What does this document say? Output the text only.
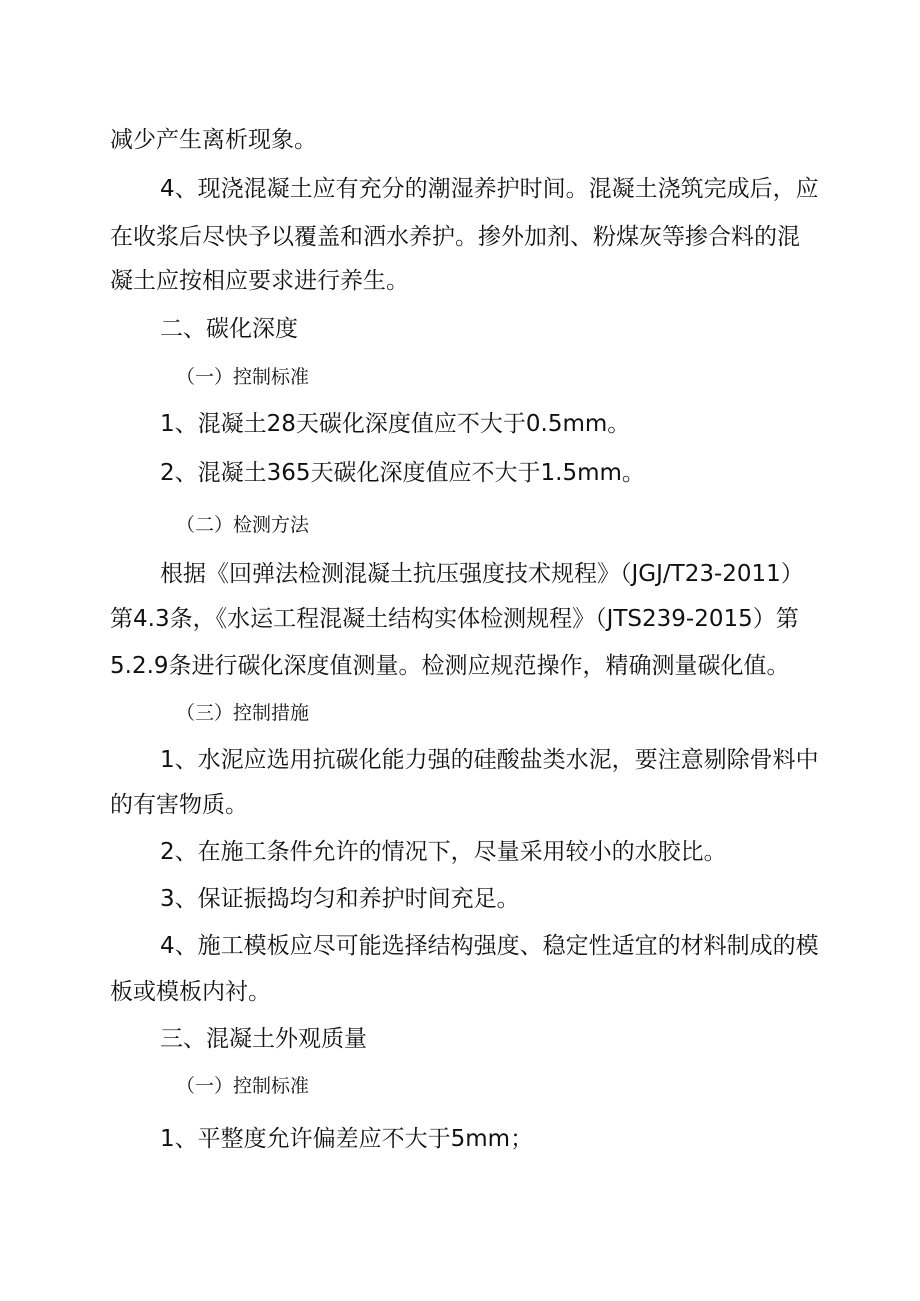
减少产生离析现象。
4、现浇混凝土应有充分的潮湿养护时间。混凝土浇筑完成后，应
在收浆后尽快予以覆盖和洒水养护。掺外加剂、粉煤灰等掺合料的混
凝土应按相应要求进行养生。
二、碳化深度
（一）控制标准
1、混凝土28天碳化深度值应不大于0.5mm。
2、混凝土365天碳化深度值应不大于1.5mm。
（二）检测方法
根据《回弹法检测混凝土抗压强度技术规程》（JGJ/T23-2011）
第4.3条，《水运工程混凝土结构实体检测规程》（JTS239-2015）第
5.2.9条进行碳化深度值测量。检测应规范操作，精确测量碳化值。
（三）控制措施
1、水泥应选用抗碳化能力强的硅酸盐类水泥，要注意剔除骨料中
的有害物质。
2、在施工条件允许的情况下，尽量采用较小的水胶比。
3、保证振捣均匀和养护时间充足。
4、施工模板应尽可能选择结构强度、稳定性适宜的材料制成的模
板或模板内衬。
三、混凝土外观质量
（一）控制标准
1、平整度允许偏差应不大于5mm；
